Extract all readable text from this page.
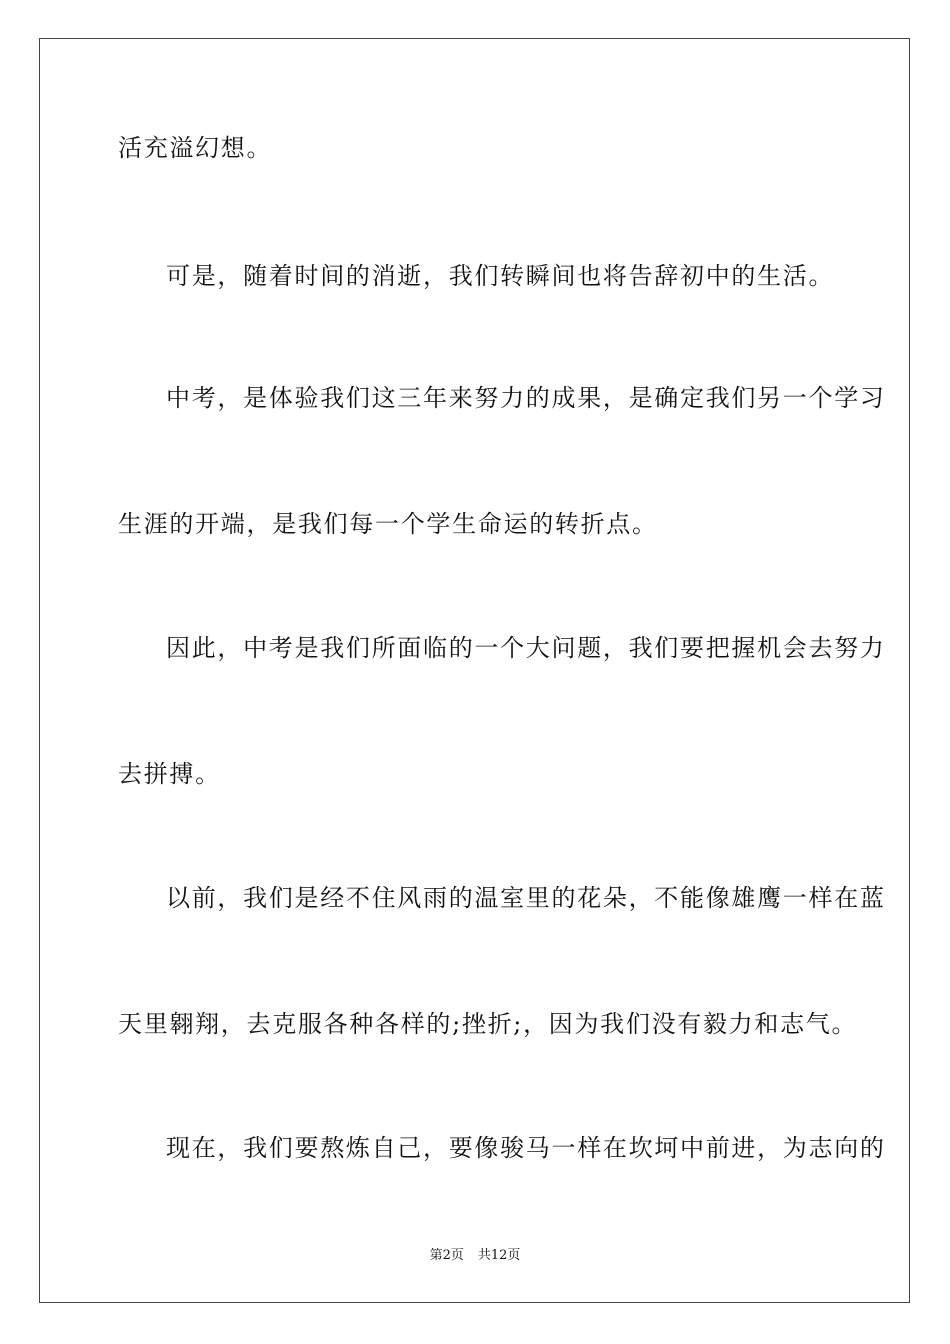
活充溢幻想。
可是，随着时间的消逝，我们转瞬间也将告辞初中的生活。
中考，是体验我们这三年来努力的成果，是确定我们另一个学习
生涯的开端，是我们每一个学生命运的转折点。
因此，中考是我们所面临的一个大问题，我们要把握机会去努力
去拼搏。
以前，我们是经不住风雨的温室里的花朵，不能像雄鹰一样在蓝
天里翱翔，去克服各种各样的;挫折;，因为我们没有毅力和志气。
现在，我们要熬炼自己，要像骏马一样在坎坷中前进，为志向的
第2页 共12页
